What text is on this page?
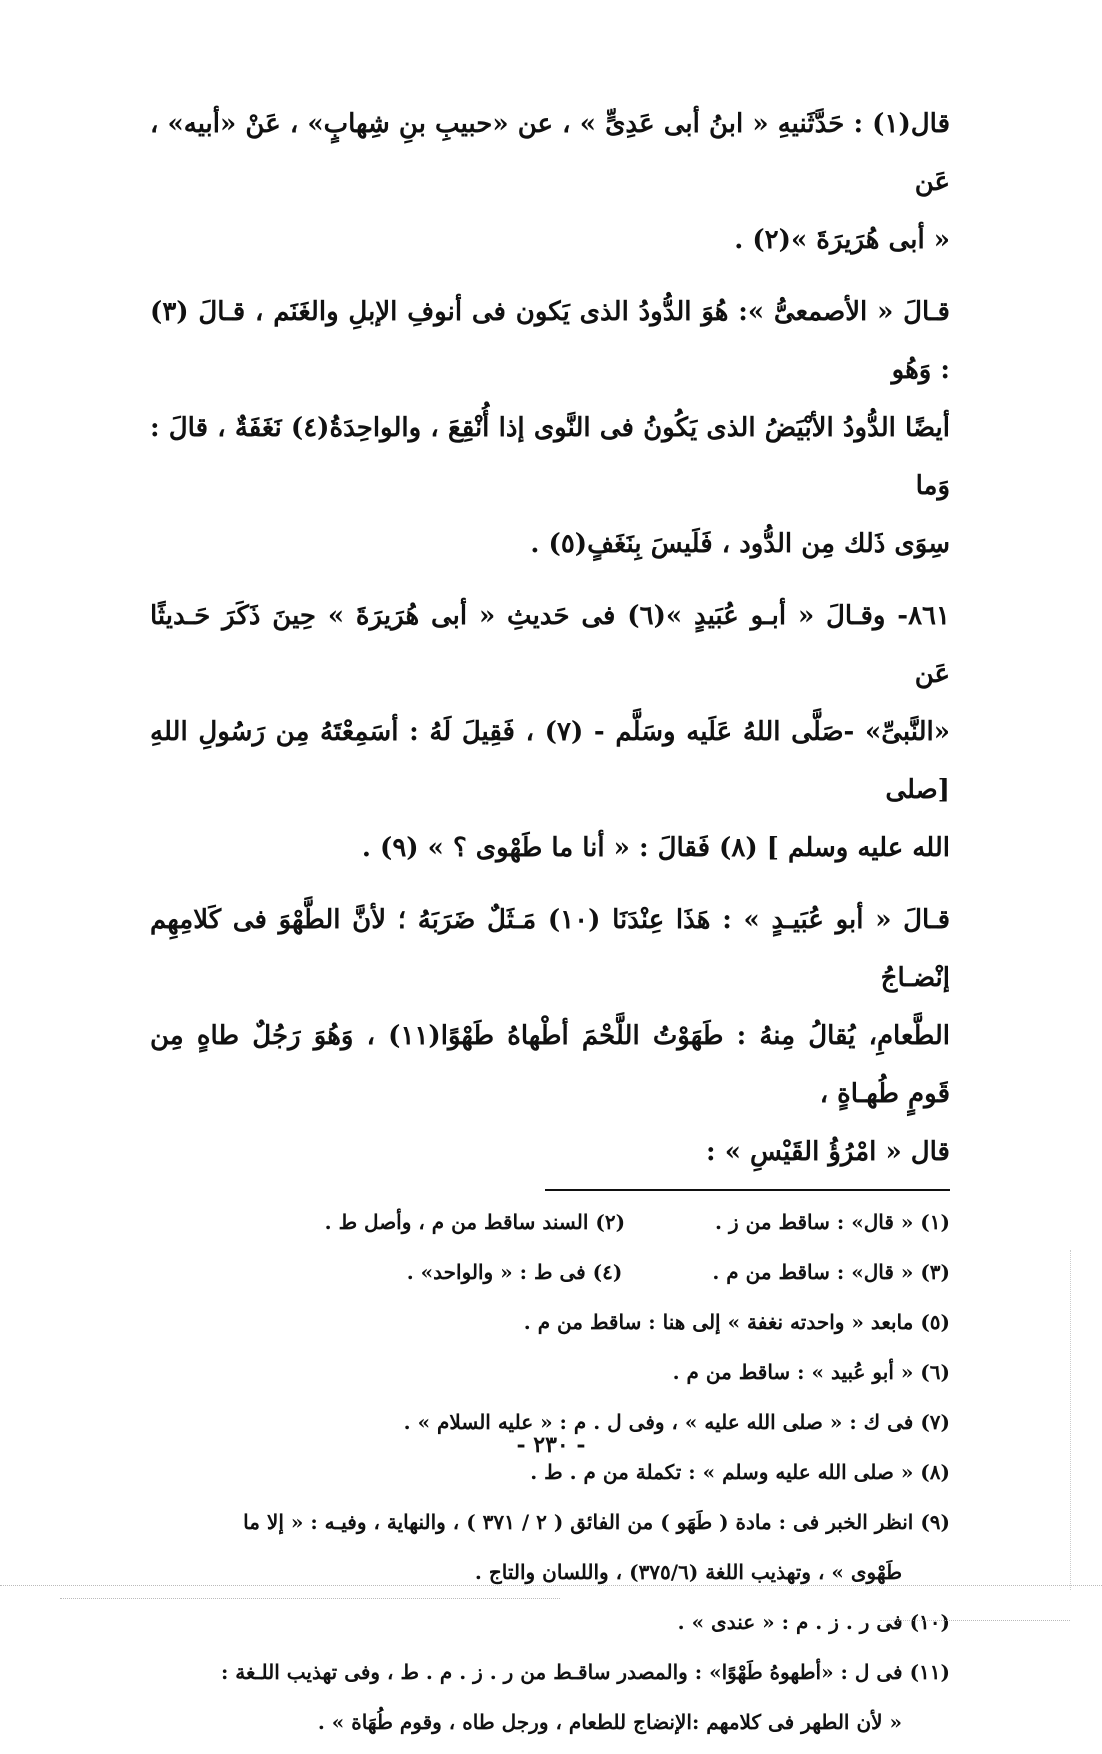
قال(١) : حَدَّثَنيهِ « ابنُ أبى عَدِىٍّ » ، عن «حبيبِ بنِ شِهابٍ» ، عَنْ «أبيه» ، عَن

« أبى هُرَيرَةَ »(٢) .

قـالَ « الأصمعىُّ »: هُوَ الدُّودُ الذى يَكون فى أنوفِ الإبلِ والغَنَم ، قـالَ (٣) : وَهُو

أيضًا الدُّودُ الأبْيَضُ الذى يَكُونُ فى النَّوى إذا أُنْقِعَ ، والواحِدَةُ(٤) نَغَفَةٌ ، قالَ : وَما

سِوَى ذَلك مِن الدُّود ، فَلَيسَ بِنَغَفٍ(٥) .

٨٦١- وقـالَ « أبـو عُبَيدٍ »(٦) فى حَديثِ « أبى هُرَيرَةَ » حِينَ ذَكَرَ حَـديثًا عَن

«النَّبىِّ» -صَلَّى اللهُ عَلَيه وسَلَّم - (٧) ، فَقِيلَ لَهُ : أسَمِعْتَهُ مِن رَسُولِ اللهِ [صلى

الله عليه وسلم ] (٨) فَقالَ : « أنا ما طَهْوى ؟ » (٩) .

قـالَ « أبو عُبَيـدٍ » : هَذَا عِنْدَنَا (١٠) مَـثَلٌ ضَرَبَهُ ؛ لأنَّ الطَّهْوَ فى كَلامِهِم إنْضـاجُ

الطَّعامِ، يُقالُ مِنهُ : طَهَوْتُ اللَّحْمَ أطْهاهُ طَهْوًا(١١) ، وَهُوَ رَجُلٌ طاهٍ مِن قَومٍ طُهـاةٍ ،

قال « امْرُؤُ القَيْسِ » :

(١) « قال» : ساقط من ز .

(٢) السند ساقط من م ، وأصل ط .

(٣) « قال» : ساقط من م .

(٤) فى ط : « والواحد» .

(٥) مابعد « واحدته نغفة » إلى هنا : ساقط من م .

(٦) « أبو عُبيد » : ساقط من م .

(٧) فى ك : « صلى الله عليه » ، وفى ل . م : « عليه السلام » .

(٨) « صلى الله عليه وسلم » : تكملة من م . ط .

(٩) انظر الخبر فى : مادة ( طَهَو ) من الفائق ( ٢ / ٣٧١ ) ، والنهاية ، وفيـه : « إلا ما

طَهْوى » ، وتهذيب اللغة (٣٧٥/٦) ، واللسان والتاج .

(١٠) فى ر . ز . م : « عندى » .

(١١) فى ل : «أطهوهُ طَهْوًا» : والمصدر ساقـط من ر . ز . م . ط ، وفى تهذيب اللـغة :

« لأن الطهر فى كلامهم :الإنضاج للطعام ، ورجل طاه ، وقوم طُهَاة » .

- ٢٣٠ -
